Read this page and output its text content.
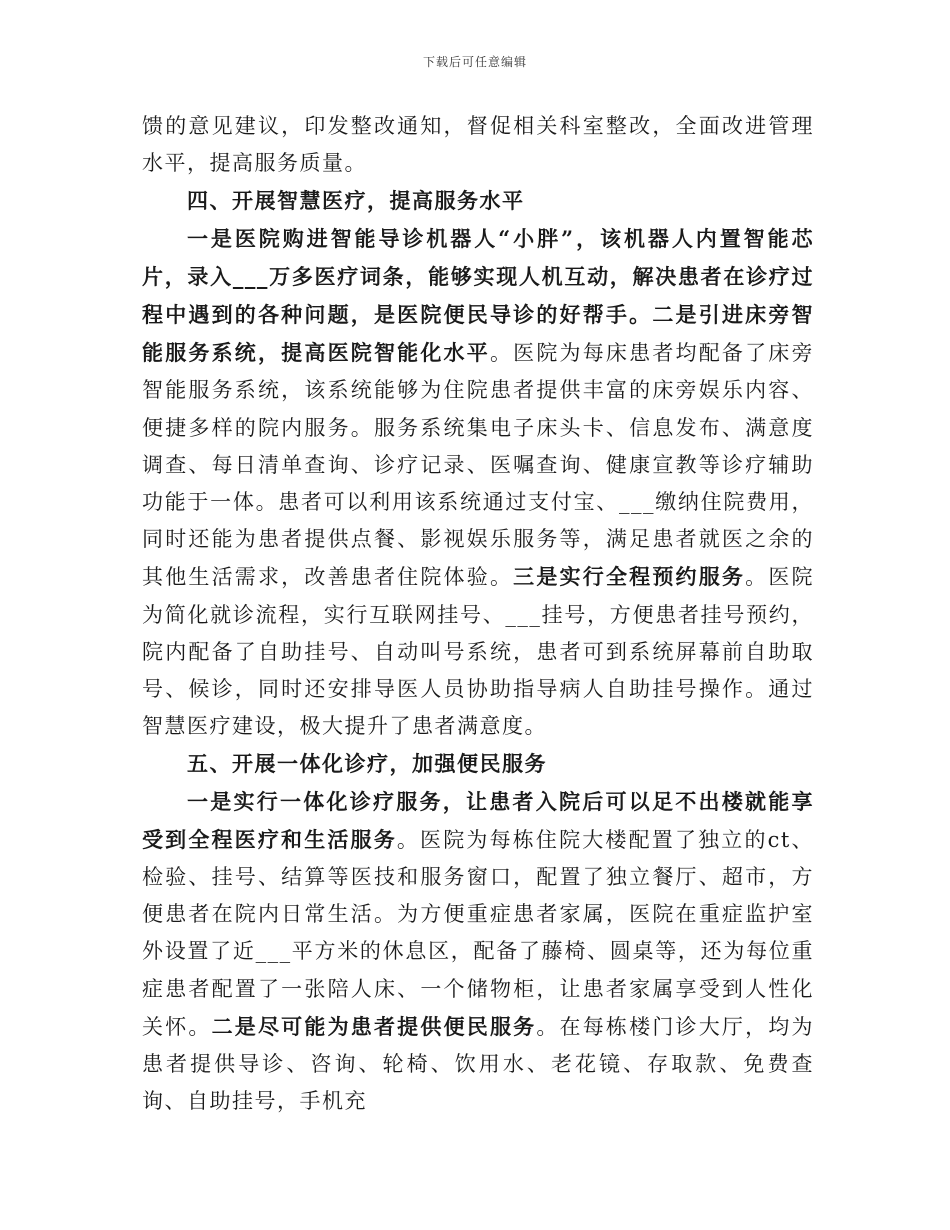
下载后可任意编辑

馈的意见建议，印发整改通知，督促相关科室整改，全面改进管理水平，提高服务质量。

四、开展智慧医疗，提高服务水平

一是医院购进智能导诊机器人“小胖”，该机器人内置智能芯片，录入___万多医疗词条，能够实现人机互动，解决患者在诊疗过程中遇到的各种问题，是医院便民导诊的好帮手。二是引进床旁智能服务系统，提高医院智能化水平。医院为每床患者均配备了床旁智能服务系统，该系统能够为住院患者提供丰富的床旁娱乐内容、便捷多样的院内服务。服务系统集电子床头卡、信息发布、满意度调查、每日清单查询、诊疗记录、医嘱查询、健康宣教等诊疗辅助功能于一体。患者可以利用该系统通过支付宝、___缴纳住院费用，同时还能为患者提供点餐、影视娱乐服务等，满足患者就医之余的其他生活需求，改善患者住院体验。三是实行全程预约服务。医院为简化就诊流程，实行互联网挂号、___挂号，方便患者挂号预约，院内配备了自助挂号、自动叫号系统，患者可到系统屏幕前自助取号、候诊，同时还安排导医人员协助指导病人自助挂号操作。通过智慧医疗建设，极大提升了患者满意度。

五、开展一体化诊疗，加强便民服务

一是实行一体化诊疗服务，让患者入院后可以足不出楼就能享受到全程医疗和生活服务。医院为每栋住院大楼配置了独立的ct、检验、挂号、结算等医技和服务窗口，配置了独立餐厅、超市，方便患者在院内日常生活。为方便重症患者家属，医院在重症监护室外设置了近___平方米的休息区，配备了藤椅、圆桌等，还为每位重症患者配置了一张陪人床、一个储物柜，让患者家属享受到人性化关怀。二是尽可能为患者提供便民服务。在每栋楼门诊大厅，均为患者提供导诊、咨询、轮椅、饮用水、老花镜、存取款、免费查询、自助挂号，手机充
